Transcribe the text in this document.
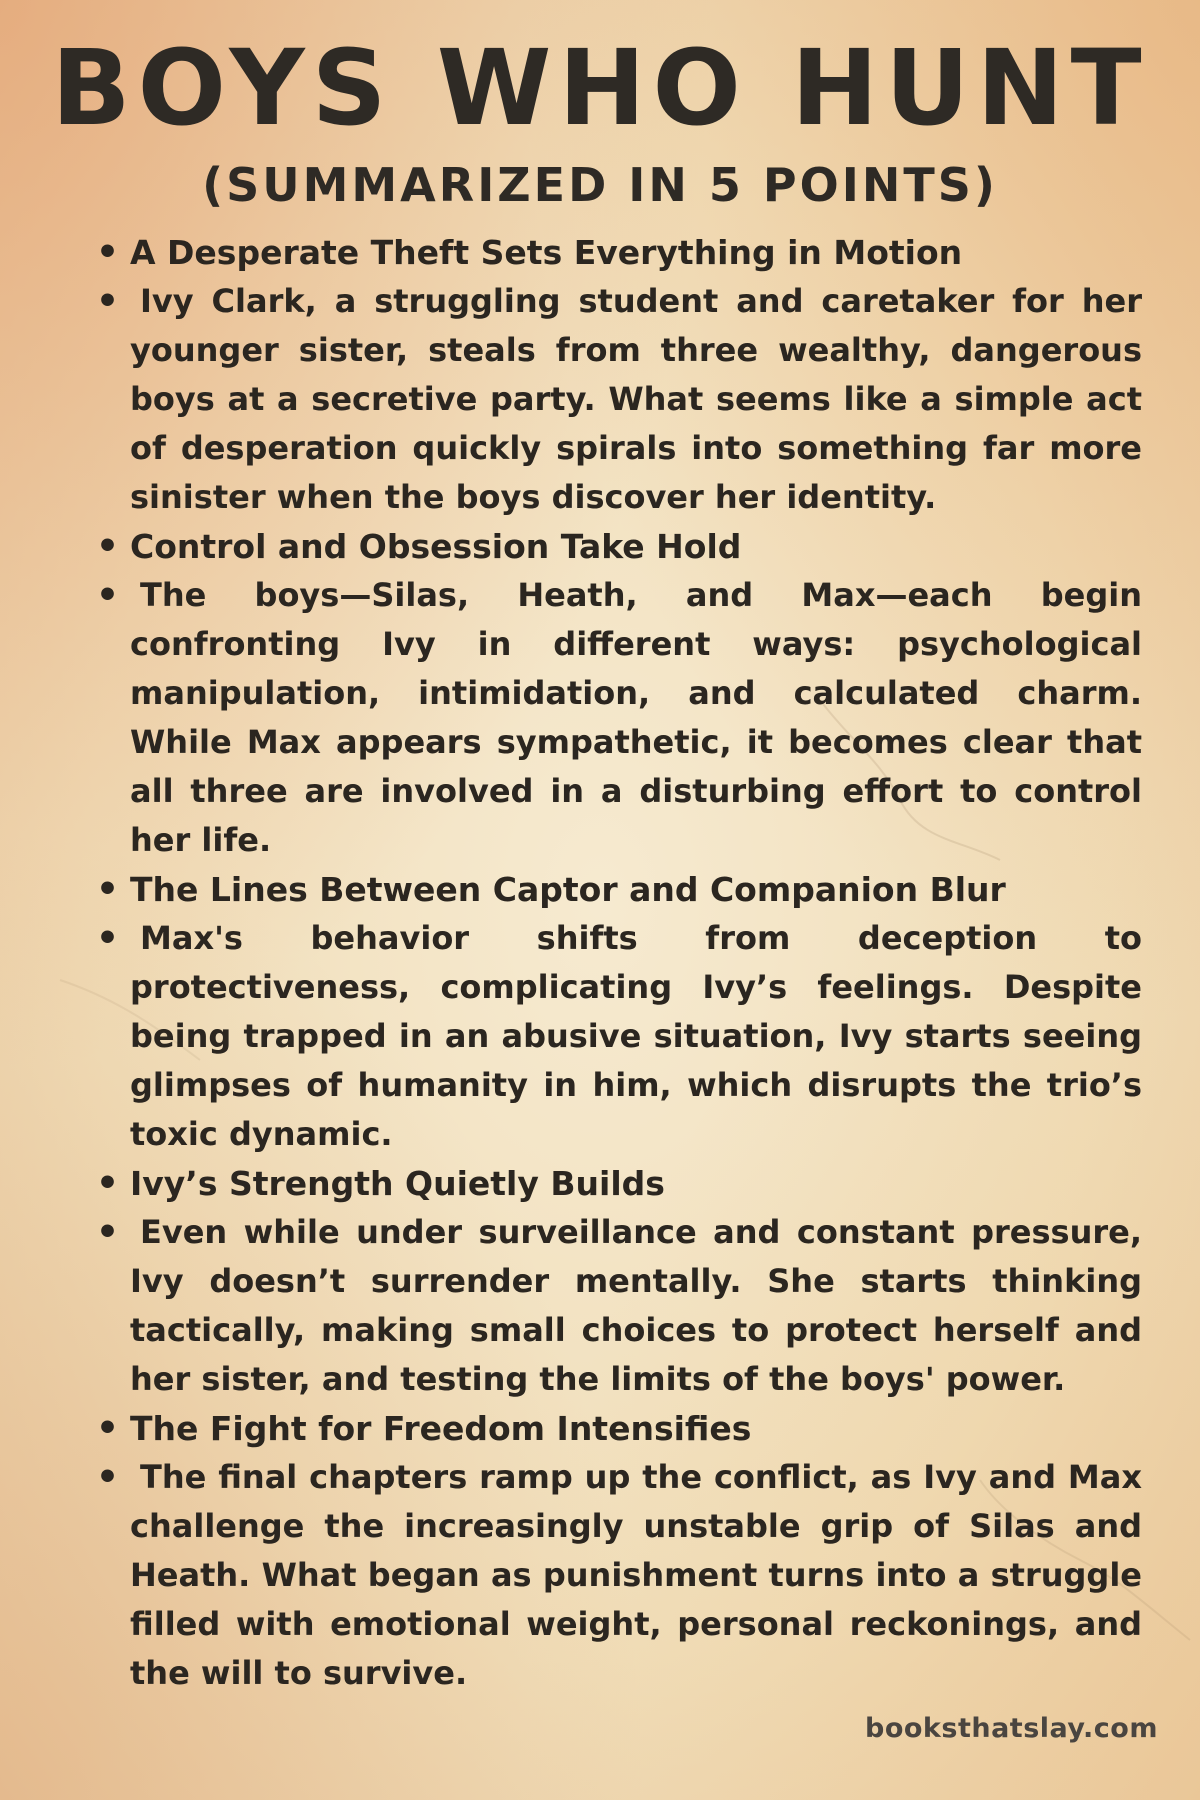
BOYS WHO HUNT
(SUMMARIZED IN 5 POINTS)
• A Desperate Theft Sets Everything in Motion
• Ivy Clark, a struggling student and caretaker for her younger sister, steals from three wealthy, dangerous boys at a secretive party. What seems like a simple act of desperation quickly spirals into something far more sinister when the boys discover her identity.
• Control and Obsession Take Hold
• The boys—Silas, Heath, and Max—each begin confronting Ivy in different ways: psychological manipulation, intimidation, and calculated charm. While Max appears sympathetic, it becomes clear that all three are involved in a disturbing effort to control her life.
• The Lines Between Captor and Companion Blur
• Max's behavior shifts from deception to protectiveness, complicating Ivy’s feelings. Despite being trapped in an abusive situation, Ivy starts seeing glimpses of humanity in him, which disrupts the trio’s toxic dynamic.
• Ivy’s Strength Quietly Builds
• Even while under surveillance and constant pressure, Ivy doesn’t surrender mentally. She starts thinking tactically, making small choices to protect herself and her sister, and testing the limits of the boys' power.
• The Fight for Freedom Intensifies
• The final chapters ramp up the conflict, as Ivy and Max challenge the increasingly unstable grip of Silas and Heath. What began as punishment turns into a struggle filled with emotional weight, personal reckonings, and the will to survive.
booksthatslay.com
